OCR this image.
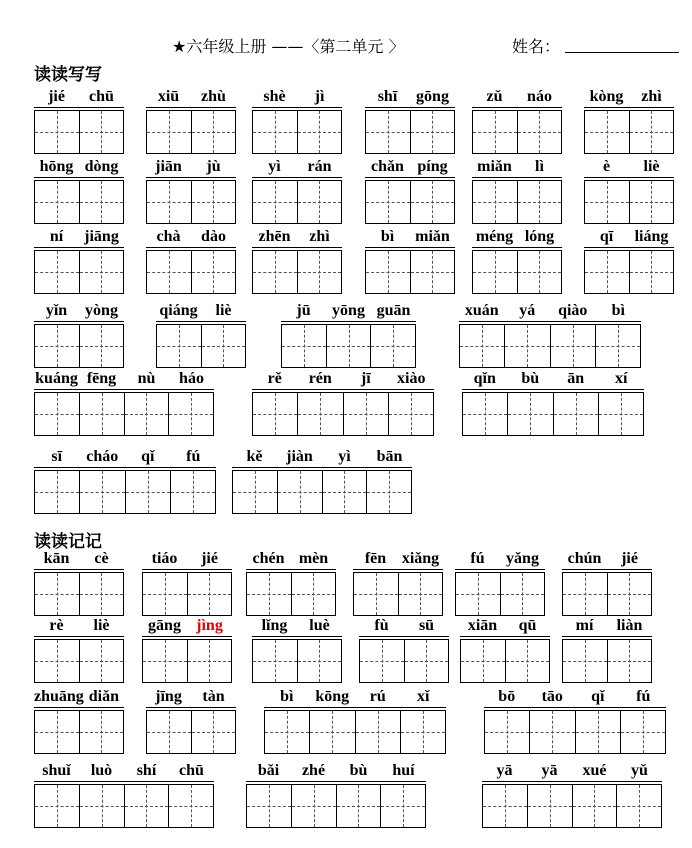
★六年级上册 ——〈第二单元 〉	姓名：
读读写写
读读记记
jié	chū	xiū	zhù	shè	jì	shī	gōng	zǔ	náo	kòng	zhì
hōng dòng	jiān	jù	yì	rán	chǎn píng	miǎn	lì	è	liè
ní	jiāng	chà	dào	zhēn	zhì	bì	miǎn	méng lóng	qī	liáng
yǐn	yòng	qiáng	liè	jū	yōng guān	xuán	yá	qiào	bì
kuáng fēng	nù	háo	rě	rén	jī	xiào	qǐn	bù	ān	xí
sī	cháo	qǐ	fú	kě	jiàn	yì	bān
kān	cè	tiáo	jié	chén mèn	fēn xiǎng	fú	yǎng	chún	jié
rè	liè	gāng jìng	lǐng	luè	fù	sū	xiān	qū	mí	liàn
zhuāng diǎn	jīng	tàn	bì	kōng	rú	xǐ	bō	tāo	qǐ	fú
shuǐ	luò	shí	chū	bǎi	zhé	bù	huí	yā	yā	xué	yǔ
